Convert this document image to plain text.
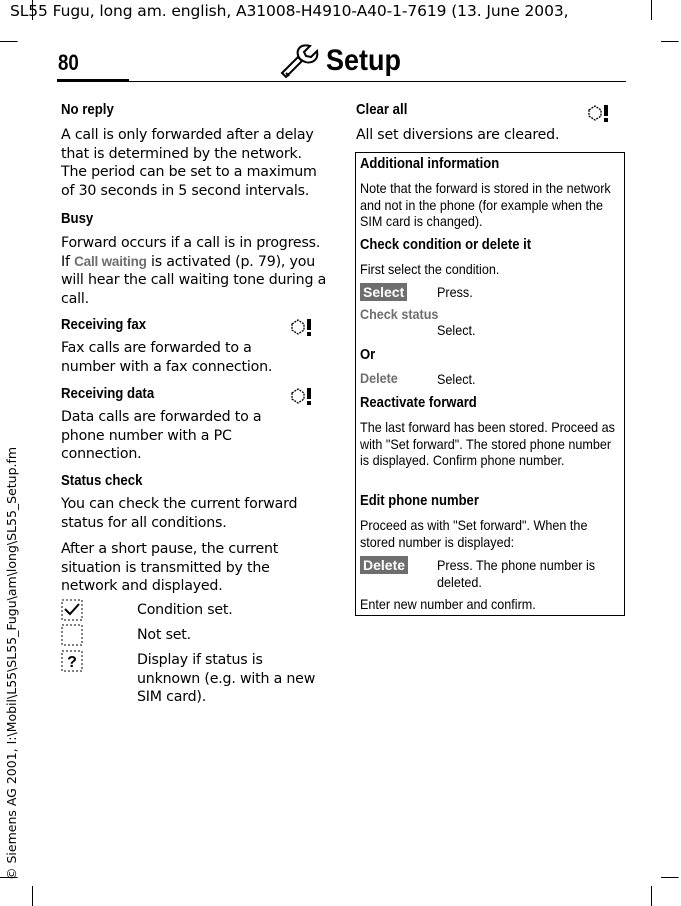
SL55 Fugu, long am. english, A31008-H4910-A40-1-7619 (13. June 2003,
© Siemens AG 2001, I:\Mobil\L55\SL55_Fugu\am\long\SL55_Setup.fm
80	Setup
No reply
A call is only forwarded after a delay that is determined by the network. The period can be set to a maximum of 30 seconds in 5 second intervals.
Busy
Forward occurs if a call is in progress. If Call waiting is activated (p. 79), you will hear the call waiting tone during a call.
Receiving fax
Fax calls are forwarded to a number with a fax connection.
Receiving data
Data calls are forwarded to a phone number with a PC connection.
Status check
You can check the current forward status for all conditions.
After a short pause, the current situation is transmitted by the network and displayed.
Condition set.
Not set.
?	Display if status is unknown (e.g. with a new SIM card).
Clear all
All set diversions are cleared.
Additional information
Note that the forward is stored in the network and not in the phone (for example when the SIM card is changed).
Check condition or delete it
First select the condition.
Select Press.
Check status
Select.
Or
Delete	Select.
Reactivate forward
The last forward has been stored. Proceed as with "Set forward". The stored phone number is displayed. Confirm phone number.
Edit phone number
Proceed as with "Set forward". When the stored number is displayed:
Delete Press. The phone number is deleted.
Enter new number and confirm.
